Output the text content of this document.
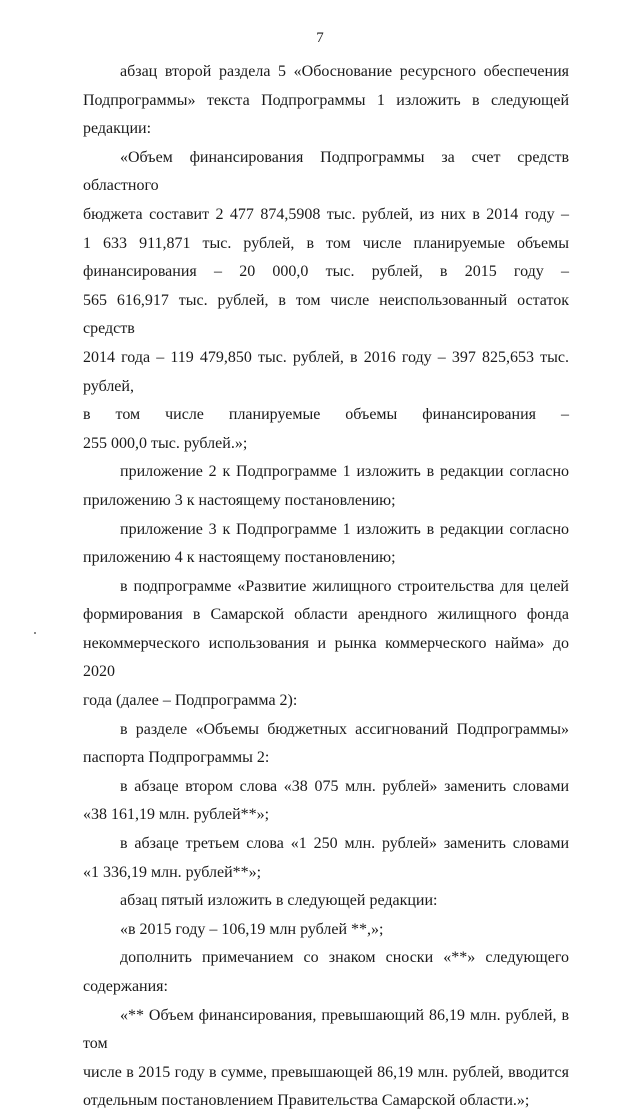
7

абзац второй раздела 5 «Обоснование ресурсного обеспечения
Подпрограммы» текста Подпрограммы 1 изложить в следующей редакции:

«Объем финансирования Подпрограммы за счет средств областного
бюджета составит 2 477 874,5908 тыс. рублей, из них в 2014 году –
1 633 911,871 тыс. рублей, в том числе планируемые объемы
финансирования – 20 000,0 тыс. рублей, в 2015 году –
565 616,917 тыс. рублей, в том числе неиспользованный остаток средств
2014 года – 119 479,850 тыс. рублей, в 2016 году – 397 825,653 тыс. рублей,
в том числе планируемые объемы финансирования –
255 000,0 тыс. рублей.»;

приложение 2 к Подпрограмме 1 изложить в редакции согласно
приложению 3 к настоящему постановлению;

приложение 3 к Подпрограмме 1 изложить в редакции согласно
приложению 4 к настоящему постановлению;

в подпрограмме «Развитие жилищного строительства для целей
формирования в Самарской области арендного жилищного фонда
некоммерческого использования и рынка коммерческого найма» до 2020
года (далее – Подпрограмма 2):

в разделе «Объемы бюджетных ассигнований Подпрограммы»
паспорта Подпрограммы 2:

в абзаце втором слова «38 075 млн. рублей» заменить словами
«38 161,19 млн. рублей**»;

в абзаце третьем слова «1 250 млн. рублей» заменить словами
«1 336,19 млн. рублей**»;

абзац пятый изложить в следующей редакции:

«в 2015 году – 106,19 млн рублей **,»;

дополнить примечанием со знаком сноски «**» следующего
содержания:

«** Объем финансирования, превышающий 86,19 млн. рублей, в том
числе в 2015 году в сумме, превышающей 86,19 млн. рублей, вводится
отдельным постановлением Правительства Самарской области.»;
